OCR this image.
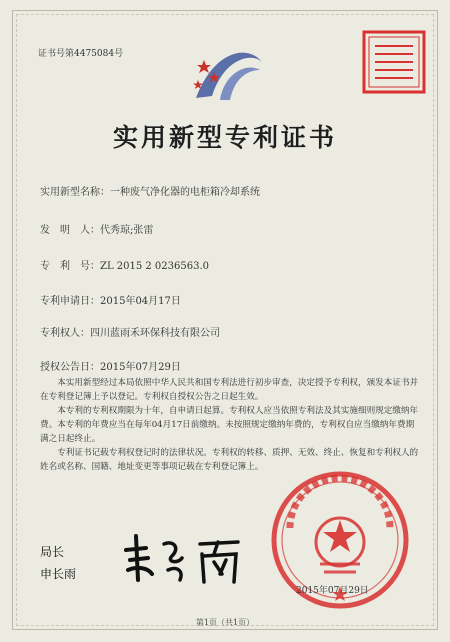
证书号第4475084号
实用新型专利证书
实用新型名称：一种废气净化器的电柜箱冷却系统
发　明　人：代秀琼;张雷
专　利　号：ZL 2015 2 0236563.0
专利申请日：2015年04月17日
专利权人：四川蓝雨禾环保科技有限公司
授权公告日：2015年07月29日

本实用新型经过本局依照中华人民共和国专利法进行初步审查，决定授予专利权，颁发本证书并在专利登记簿上予以登记。专利权自授权公告之日起生效。

本专利的专利权期限为十年，自申请日起算。专利权人应当依照专利法及其实施细则规定缴纳年费。本专利的年费应当在每年04月17日前缴纳。未按照规定缴纳年费的，专利权自应当缴纳年费期满之日起终止。

专利证书记载专利权登记时的法律状况。专利权的转移、质押、无效、终止、恢复和专利权人的姓名或名称、国籍、地址变更等事项记载在专利登记簿上。

局长
申长雨
2015年07月29日
第1页（共1页）
